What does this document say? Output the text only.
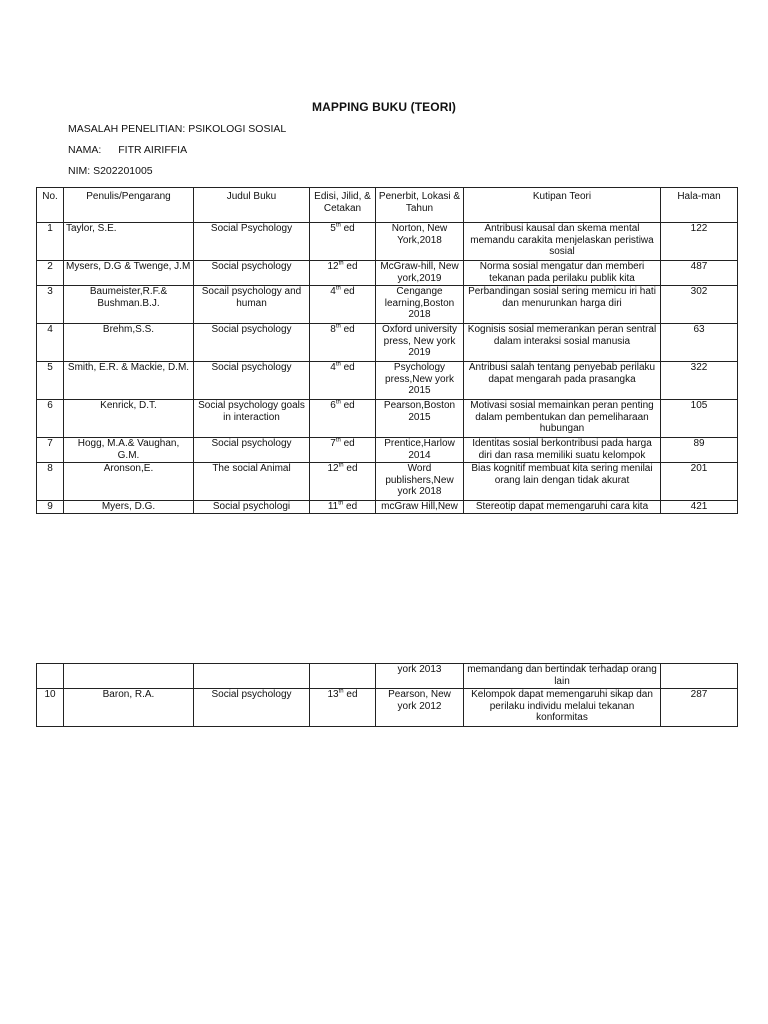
MAPPING BUKU (TEORI)
MASALAH PENELITIAN: PSIKOLOGI SOSIAL
NAMA: FITR AIRIFFIA
NIM: S202201005
No.	Penulis/Pengarang	Judul Buku	Edisi, Jilid, & Cetakan	Penerbit, Lokasi & Tahun	Kutipan Teori	Hala-man
1	Taylor, S.E.	Social Psychology	5th ed	Norton, New York,2018	Antribusi kausal dan skema mental memandu carakita menjelaskan peristiwa sosial	122
2	Mysers, D.G & Twenge, J.M	Social psychology	12th ed	McGraw-hill, New york,2019	Norma sosial mengatur dan memberi tekanan pada perilaku publik kita	487
3	Baumeister,R.F.& Bushman.B.J.	Socail psychology and human	4th ed	Cengange learning,Boston 2018	Perbandingan sosial sering memicu iri hati dan menurunkan harga diri	302
4	Brehm,S.S.	Social psychology	8th ed	Oxford university press, New york 2019	Kognisis sosial memerankan peran sentral dalam interaksi sosial manusia	63
5	Smith, E.R. & Mackie, D.M.	Social psychology	4th ed	Psychology press,New york 2015	Antribusi salah tentang penyebab perilaku dapat mengarah pada prasangka	322
6	Kenrick, D.T.	Social psychology goals in interaction	6th ed	Pearson,Boston 2015	Motivasi sosial memainkan peran penting dalam pembentukan dan pemeliharaan hubungan	105
7	Hogg, M.A.& Vaughan, G.M.	Social psychology	7th ed	Prentice,Harlow 2014	Identitas sosial berkontribusi pada harga diri dan rasa memiliki suatu kelompok	89
8	Aronson,E.	The social Animal	12th ed	Word publishers,New york 2018	Bias kognitif membuat kita sering menilai orang lain dengan tidak akurat	201
9	Myers, D.G.	Social psychologi	11th ed	mcGraw Hill,New	Stereotip dapat memengaruhi cara kita	421
				york 2013	memandang dan bertindak terhadap orang lain	
10	Baron, R.A.	Social psychology	13th ed	Pearson, New york 2012	Kelompok dapat memengaruhi sikap dan perilaku individu melalui tekanan konformitas	287
